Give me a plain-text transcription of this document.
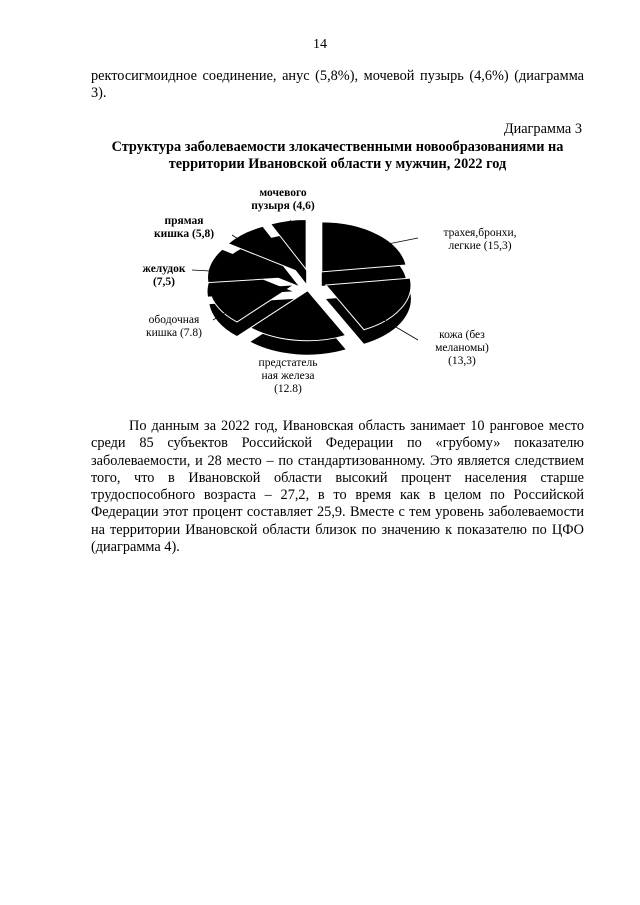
14

ректосигмоидное соединение, анус (5,8%), мочевой пузырь (4,6%) (диаграмма 3).

Диаграмма 3
Структура заболеваемости злокачественными новообразованиями на территории Ивановской области у мужчин, 2022 год
трахея,бронхи,
легкие (15,3)
кожа (без
меланомы)
(13,3)
предстатель
ная железа
(12.8)
ободочная
кишка (7.8)
желудок
(7,5)
прямая
кишка (5,8)
мочевого
пузыря (4,6)

По данным за 2022 год, Ивановская область занимает 10 ранговое место среди 85 субъектов Российской Федерации по «грубому» показателю заболеваемости, и 28 место – по стандартизованному. Это является следствием того, что в Ивановской области высокий процент населения старше трудоспособного возраста – 27,2, в то время как в целом по Российской Федерации этот процент составляет 25,9. Вместе с тем уровень заболеваемости на территории Ивановской области близок по значению к показателю по ЦФО (диаграмма 4).
